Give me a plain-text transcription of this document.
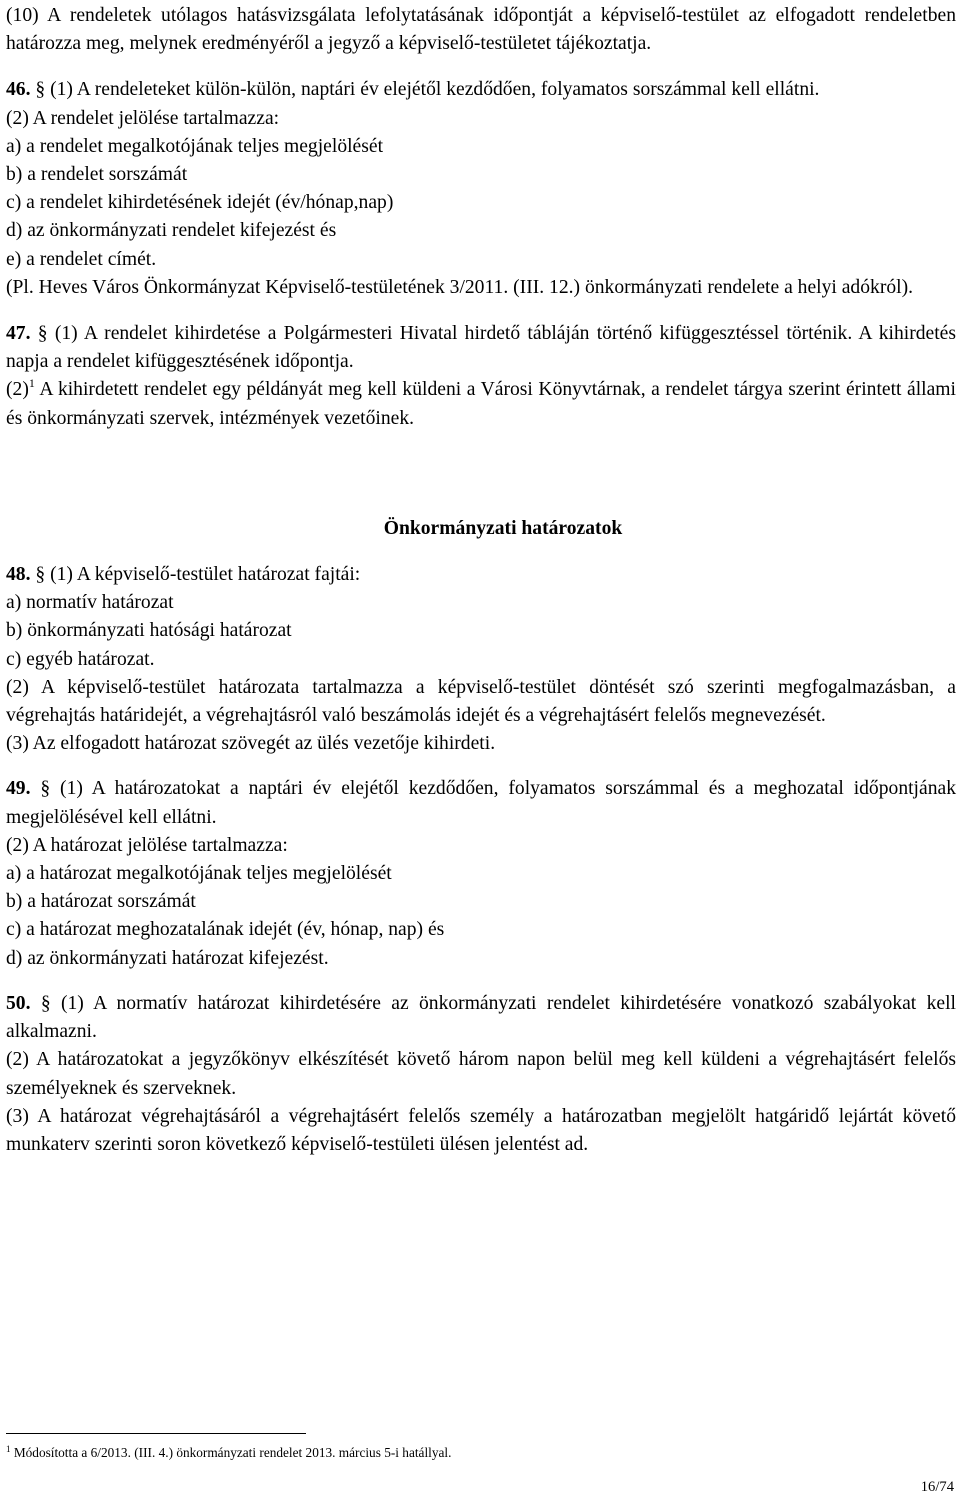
(10) A rendeletek utólagos hatásvizsgálata lefolytatásának időpontját a képviselő-testület az elfogadott rendeletben határozza meg, melynek eredményéről a jegyző a képviselő-testületet tájékoztatja.

46. § (1) A rendeleteket külön-külön, naptári év elejétől kezdődően, folyamatos sorszámmal kell ellátni.

(2) A rendelet jelölése tartalmazza:

a) a rendelet megalkotójának teljes megjelölését

b) a rendelet sorszámát

c) a rendelet kihirdetésének idejét (év/hónap,nap)

d) az önkormányzati rendelet kifejezést és

e) a rendelet címét.

(Pl. Heves Város Önkormányzat Képviselő-testületének 3/2011. (III. 12.) önkormányzati rendelete a helyi adókról).

47. § (1) A rendelet kihirdetése a Polgármesteri Hivatal hirdető tábláján történő kifüggesztéssel történik. A kihirdetés napja a rendelet kifüggesztésének időpontja.

$(2)^1$ A kihirdetett rendelet egy példányát meg kell küldeni a Városi Könyvtárnak, a rendelet tárgya szerint érintett állami és önkormányzati szervek, intézmények vezetőinek.

Önkormányzati határozatok

48. § (1) A képviselő-testület határozat fajtái:

a) normatív határozat

b) önkormányzati hatósági határozat

c) egyéb határozat.

(2) A képviselő-testület határozata tartalmazza a képviselő-testület döntését szó szerinti megfogalmazásban, a végrehajtás határidejét, a végrehajtásról való beszámolás idejét és a végrehajtásért felelős megnevezését.

(3) Az elfogadott határozat szövegét az ülés vezetője kihirdeti.

49. § (1) A határozatokat a naptári év elejétől kezdődően, folyamatos sorszámmal és a meghozatal időpontjának megjelölésével kell ellátni.

(2) A határozat jelölése tartalmazza:

a) a határozat megalkotójának teljes megjelölését

b) a határozat sorszámát

c) a határozat meghozatalának idejét (év, hónap, nap) és

d) az önkormányzati határozat kifejezést.

50. § (1) A normatív határozat kihirdetésére az önkormányzati rendelet kihirdetésére vonatkozó szabályokat kell alkalmazni.

(2) A határozatokat a jegyzőkönyv elkészítését követő három napon belül meg kell küldeni a végrehajtásért felelős személyeknek és szerveknek.

(3) A határozat végrehajtásáról a végrehajtásért felelős személy a határozatban megjelölt hatgáridő lejártát követő munkaterv szerinti soron következő képviselő-testületi ülésen jelentést ad.

$^1$ Módosította a 6/2013. (III. 4.) önkormányzati rendelet 2013. március 5-i hatállyal.
16/74
